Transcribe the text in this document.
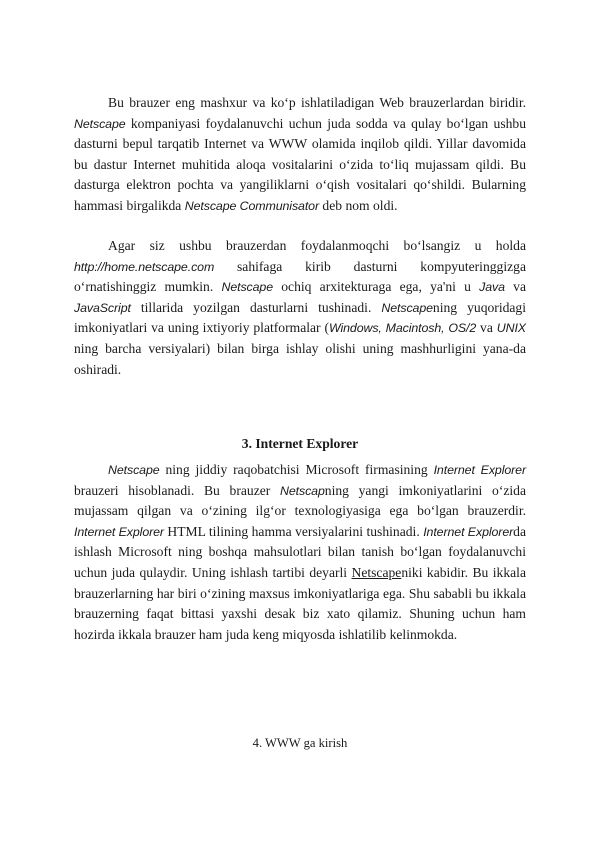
Bu brauzer eng mashxur va ko‘p ishlatiladigan Web brauzerlardan biridir. Netscape kompaniyasi foydalanuvchi uchun juda sodda va qulay bo‘lgan ushbu dasturni bepul tarqatib Internet va WWW olamida inqilob qildi. Yillar davomida bu dastur Internet muhitida aloqa vositalarini o‘zida to‘liq mujassam qildi. Bu dasturga elektron pochta va yangiliklarni o‘qish vositalari qo‘shildi. Bularning hammasi birgalikda Netscape Communisator deb nom oldi.

Agar siz ushbu brauzerdan foydalanmoqchi bo‘lsangiz u holda http://home.netscape.com sahifaga kirib dasturni kompyuteringgizga o‘rnatishinggiz mumkin. Netscape ochiq arxitekturaga ega, ya'ni u Java va JavaScript tillarida yozilgan dasturlarni tushinadi. Netscapening yuqoridagi imkoniyatlari va uning ixtiyoriy platformalar (Windows, Macintosh, OS/2 va UNIX ning barcha versiyalari) bilan birga ishlay olishi uning mashhurligini yana-da oshiradi.

3. Internet Explorer

Netscape ning jiddiy raqobatchisi Microsoft firmasining Internet Explorer brauzeri hisoblanadi. Bu brauzer Netscapning yangi imkoniyatlarini o‘zida mujassam qilgan va o‘zining ilg‘or texnologiyasiga ega bo‘lgan brauzerdir. Internet Explorer HTML tilining hamma versiyalarini tushinadi. Internet Explorerda ishlash Microsoft ning boshqa mahsulotlari bilan tanish bo‘lgan foydalanuvchi uchun juda qulaydir. Uning ishlash tartibi deyarli Netscapeniki kabidir. Bu ikkala brauzerlarning har biri o‘zining maxsus imkoniyatlariga ega. Shu sababli bu ikkala brauzerning faqat bittasi yaxshi desak biz xato qilamiz. Shuning uchun ham hozirda ikkala brauzer ham juda keng miqyosda ishlatilib kelinmokda.

4. WWW ga kirish
